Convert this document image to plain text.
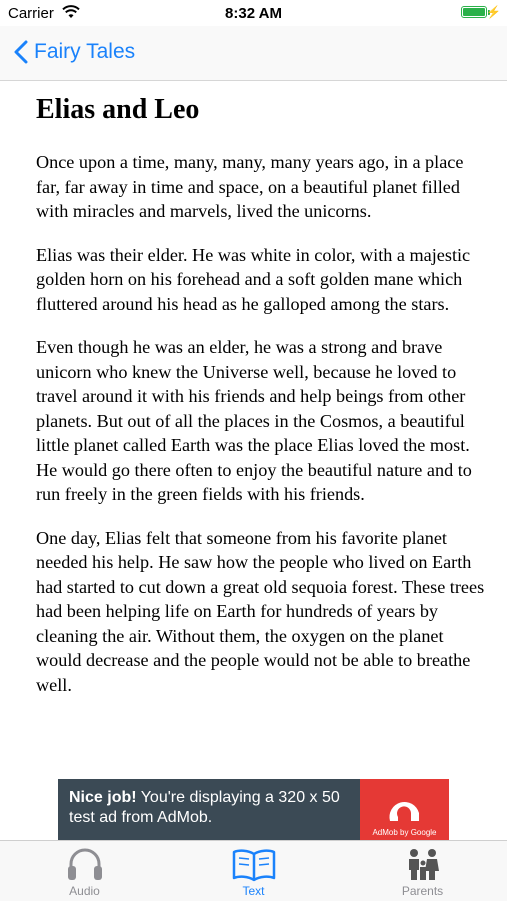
Carrier	8:32 AM	⚡
Fairy Tales
Elias and Leo

Once upon a time, many, many, many years ago, in a place far, far away in time and space, on a beautiful planet filled with miracles and marvels, lived the unicorns.

Elias was their elder. He was white in color, with a majestic golden horn on his forehead and a soft golden mane which fluttered around his head as he galloped among the stars.

Even though he was an elder, he was a strong and brave unicorn who knew the Universe well, because he loved to travel around it with his friends and help beings from other planets. But out of all the places in the Cosmos, a beautiful little planet called Earth was the place Elias loved the most. He would go there often to enjoy the beautiful nature and to run freely in the green fields with his friends.

One day, Elias felt that someone from his favorite planet needed his help. He saw how the people who lived on Earth had started to cut down a great old sequoia forest. These trees had been helping life on Earth for hundreds of years by cleaning the air. Without them, the oxygen on the planet would decrease and the people would not be able to breathe well.

Nice job! You're displaying a 320 x 50 test ad from AdMob.
AdMob by Google
Audio	Text	Parents
